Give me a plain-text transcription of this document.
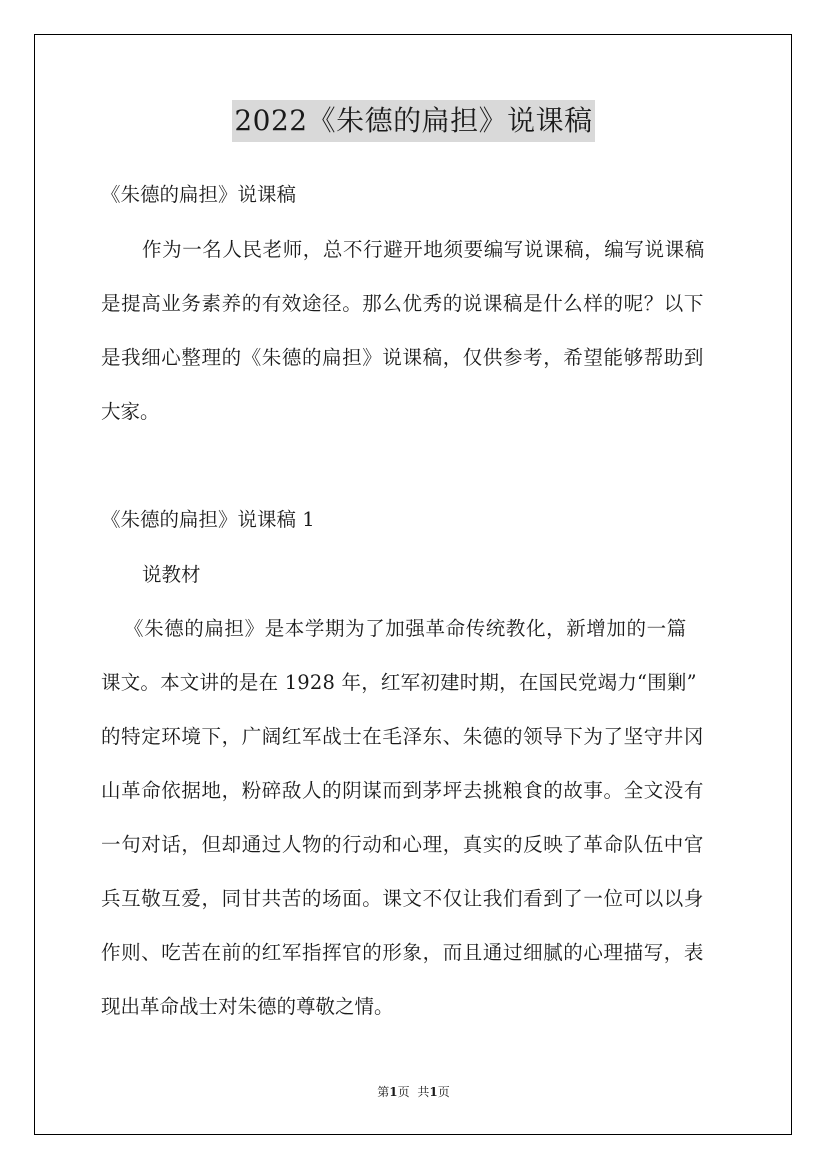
2022《朱德的扁担》说课稿
《朱德的扁担》说课稿
作为一名人民老师，总不行避开地须要编写说课稿，编写说课稿
是提高业务素养的有效途径。那么优秀的说课稿是什么样的呢？以下
是我细心整理的《朱德的扁担》说课稿，仅供参考，希望能够帮助到
大家。
《朱德的扁担》说课稿 1
说教材
《朱德的扁担》是本学期为了加强革命传统教化，新增加的一篇
课文。本文讲的是在 1928 年，红军初建时期，在国民党竭力“围剿”
的特定环境下，广阔红军战士在毛泽东、朱德的领导下为了坚守井冈
山革命依据地，粉碎敌人的阴谋而到茅坪去挑粮食的故事。全文没有
一句对话，但却通过人物的行动和心理，真实的反映了革命队伍中官
兵互敬互爱，同甘共苦的场面。课文不仅让我们看到了一位可以以身
作则、吃苦在前的红军指挥官的形象，而且通过细腻的心理描写，表
现出革命战士对朱德的尊敬之情。
第1页 共1页
